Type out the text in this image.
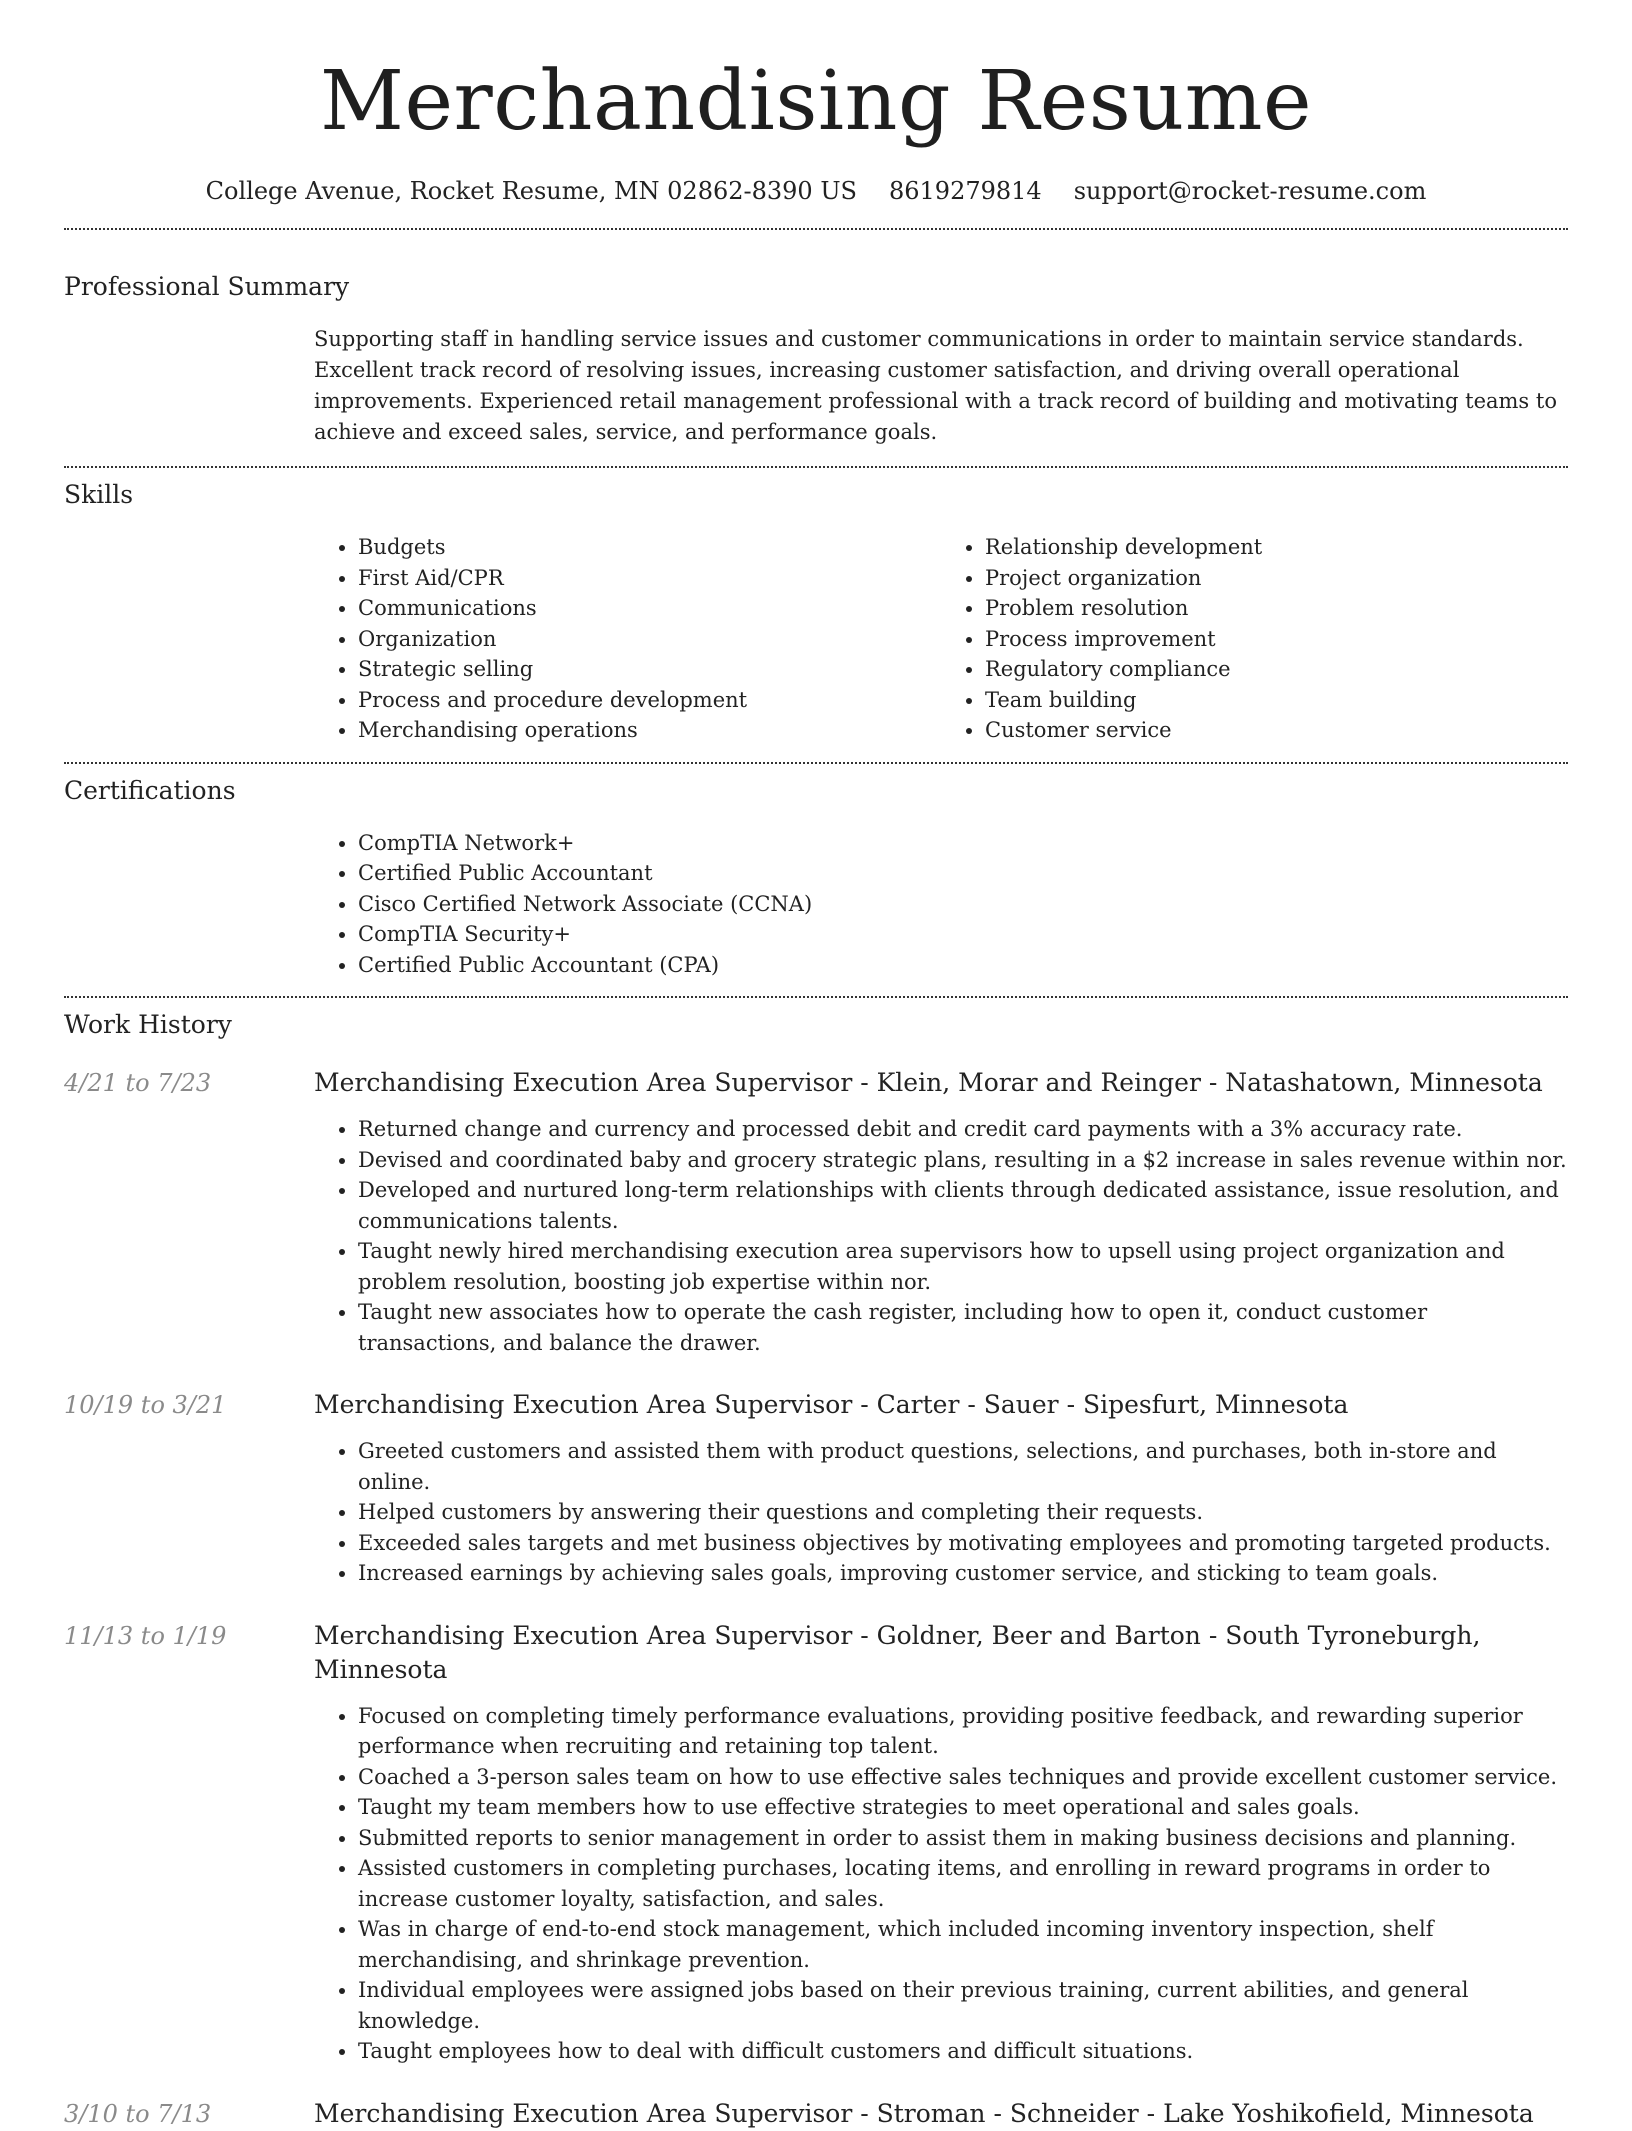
Merchandising Resume
College Avenue, Rocket Resume, MN 02862-8390 US 8619279814 support@rocket-resume.com
Professional Summary

Supporting staff in handling service issues and customer communications in order to maintain service standards. Excellent track record of resolving issues, increasing customer satisfaction, and driving overall operational improvements. Experienced retail management professional with a track record of building and motivating teams to achieve and exceed sales, service, and performance goals.

Skills
• Budgets
• First Aid/CPR
• Communications
• Organization
• Strategic selling
• Process and procedure development
• Merchandising operations
• Relationship development
• Project organization
• Problem resolution
• Process improvement
• Regulatory compliance
• Team building
• Customer service
Certifications
• CompTIA Network+
• Certified Public Accountant
• Cisco Certified Network Associate (CCNA)
• CompTIA Security+
• Certified Public Accountant (CPA)
Work History
4/21 to 7/23	Merchandising Execution Area Supervisor - Klein, Morar and Reinger - Natashatown, Minnesota
• Returned change and currency and processed debit and credit card payments with a 3% accuracy rate.
• Devised and coordinated baby and grocery strategic plans, resulting in a $2 increase in sales revenue within nor.
• Developed and nurtured long-term relationships with clients through dedicated assistance, issue resolution, and communications talents.
• Taught newly hired merchandising execution area supervisors how to upsell using project organization and problem resolution, boosting job expertise within nor.
• Taught new associates how to operate the cash register, including how to open it, conduct customer transactions, and balance the drawer.
10/19 to 3/21	Merchandising Execution Area Supervisor - Carter - Sauer - Sipesfurt, Minnesota
• Greeted customers and assisted them with product questions, selections, and purchases, both in-store and online.
• Helped customers by answering their questions and completing their requests.
• Exceeded sales targets and met business objectives by motivating employees and promoting targeted products.
• Increased earnings by achieving sales goals, improving customer service, and sticking to team goals.
11/13 to 1/19	Merchandising Execution Area Supervisor - Goldner, Beer and Barton - South Tyroneburgh, Minnesota
• Focused on completing timely performance evaluations, providing positive feedback, and rewarding superior performance when recruiting and retaining top talent.
• Coached a 3-person sales team on how to use effective sales techniques and provide excellent customer service.
• Taught my team members how to use effective strategies to meet operational and sales goals.
• Submitted reports to senior management in order to assist them in making business decisions and planning.
• Assisted customers in completing purchases, locating items, and enrolling in reward programs in order to increase customer loyalty, satisfaction, and sales.
• Was in charge of end-to-end stock management, which included incoming inventory inspection, shelf merchandising, and shrinkage prevention.
• Individual employees were assigned jobs based on their previous training, current abilities, and general knowledge.
• Taught employees how to deal with difficult customers and difficult situations.
3/10 to 7/13	Merchandising Execution Area Supervisor - Stroman - Schneider - Lake Yoshikofield, Minnesota
